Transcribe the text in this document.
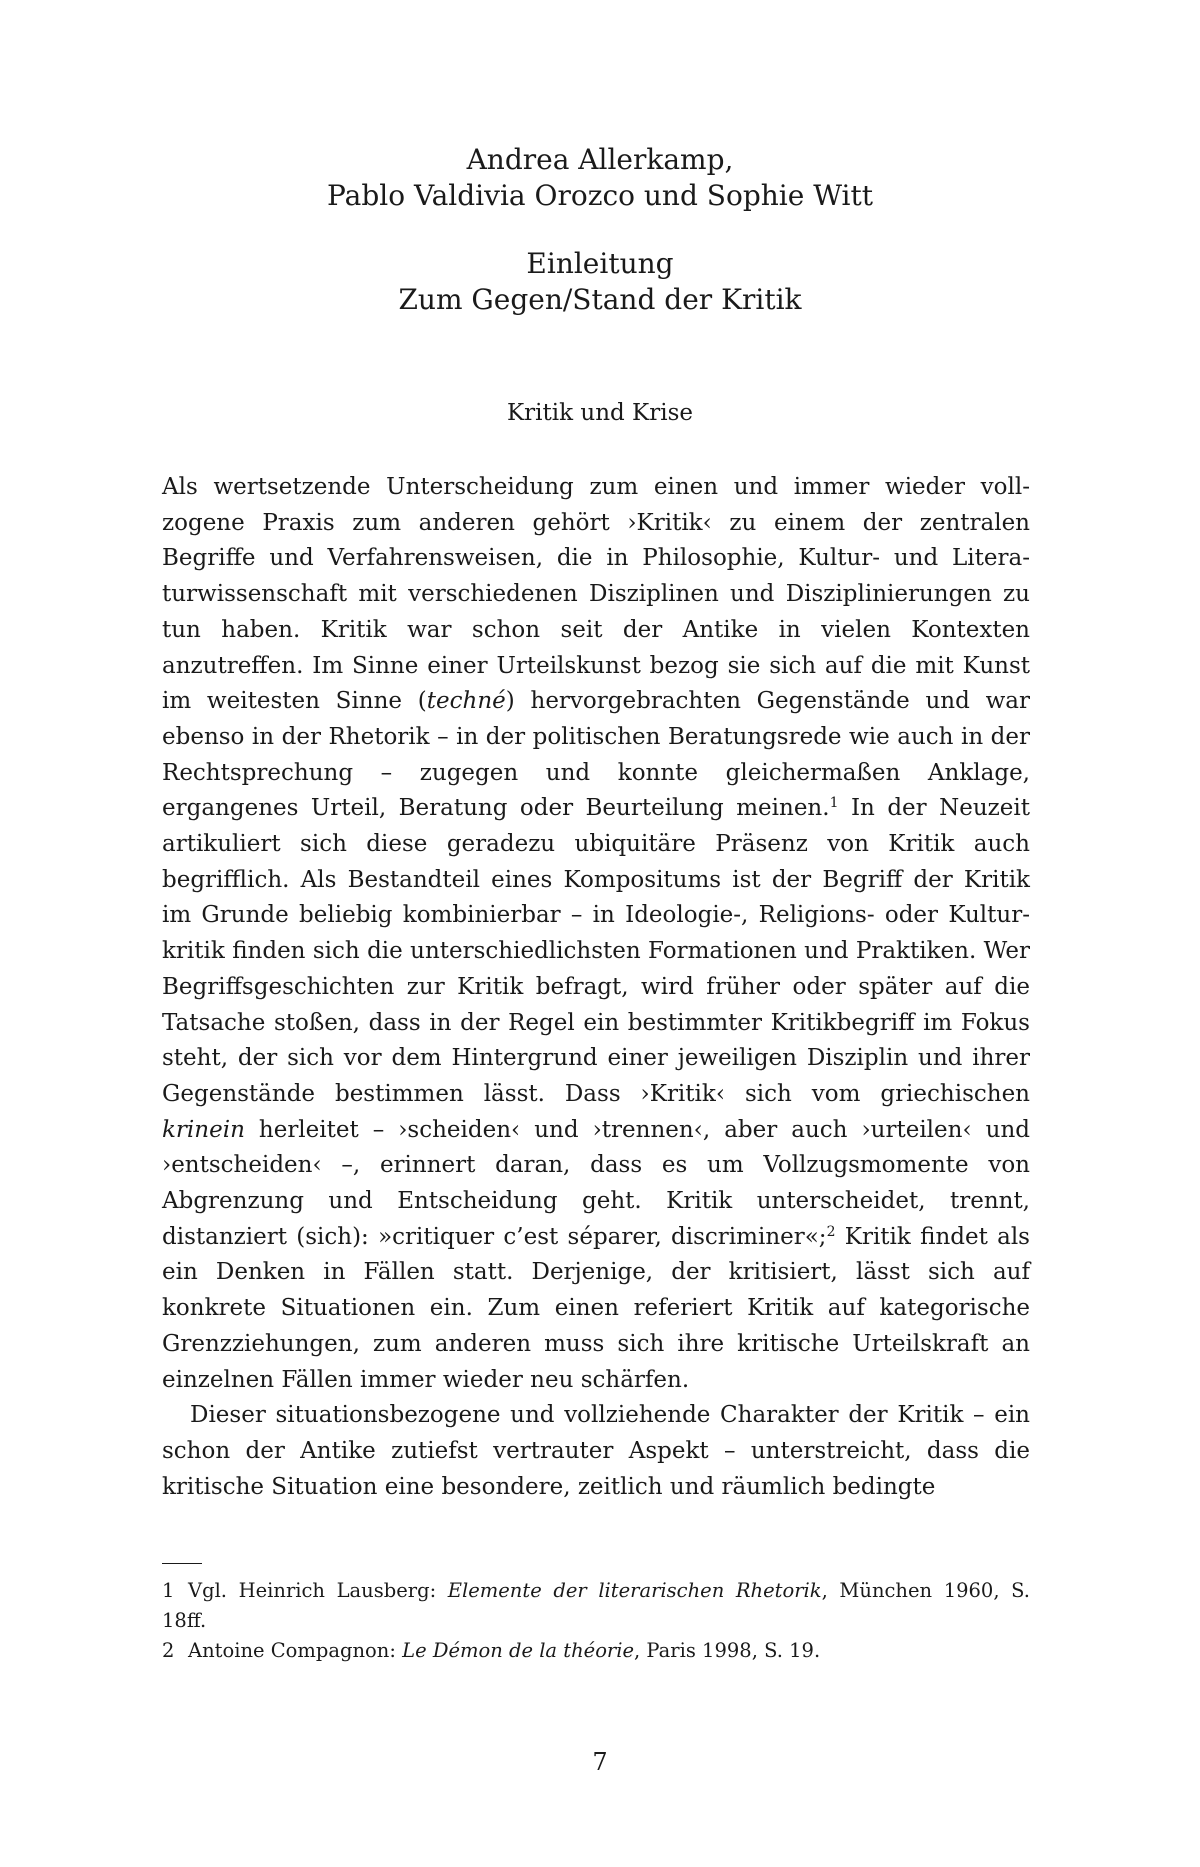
Andrea Allerkamp,
Pablo Valdivia Orozco und Sophie Witt
Einleitung
Zum Gegen/Stand der Kritik
Kritik und Krise

Als wertsetzende Unterscheidung zum einen und immer wieder vollzogene Praxis zum anderen gehört ›Kritik‹ zu einem der zentralen Begriffe und Verfahrensweisen, die in Philosophie, Kultur- und Literaturwissenschaft mit verschiedenen Disziplinen und Disziplinierungen zu tun haben. Kritik war schon seit der Antike in vielen Kontexten anzutreffen. Im Sinne einer Urteilskunst bezog sie sich auf die mit Kunst im weitesten Sinne (techné) hervorgebrachten Gegenstände und war ebenso in der Rhetorik – in der politischen Beratungsrede wie auch in der Rechtsprechung – zugegen und konnte gleichermaßen Anklage, ergangenes Urteil, Beratung oder Beurteilung meinen.$^1$ In der Neuzeit artikuliert sich diese geradezu ubiquitäre Präsenz von Kritik auch begrifflich. Als Bestandteil eines Kompositums ist der Begriff der Kritik im Grunde beliebig kombinierbar – in Ideologie-, Religions- oder Kulturkritik finden sich die unterschiedlichsten Formationen und Praktiken. Wer Begriffsgeschichten zur Kritik befragt, wird früher oder später auf die Tatsache stoßen, dass in der Regel ein bestimmter Kritikbegriff im Fokus steht, der sich vor dem Hintergrund einer jeweiligen Disziplin und ihrer Gegenstände bestimmen lässt. Dass ›Kritik‹ sich vom griechischen krinein herleitet – ›scheiden‹ und ›trennen‹, aber auch ›urteilen‹ und ›entscheiden‹ –, erinnert daran, dass es um Vollzugsmomente von Abgrenzung und Entscheidung geht. Kritik unterscheidet, trennt, distanziert (sich): »critiquer c’est séparer, discriminer«;$^2$ Kritik findet als ein Denken in Fällen statt. Derjenige, der kritisiert, lässt sich auf konkrete Situationen ein. Zum einen referiert Kritik auf kategorische Grenzziehungen, zum anderen muss sich ihre kritische Urteilskraft an einzelnen Fällen immer wieder neu schärfen.

Dieser situationsbezogene und vollziehende Charakter der Kritik – ein schon der Antike zutiefst vertrauter Aspekt – unterstreicht, dass die kritische Situation eine besondere, zeitlich und räumlich bedingte

1 Vgl. Heinrich Lausberg: Elemente der literarischen Rhetorik, München 1960, S. 18ff.
2 Antoine Compagnon: Le Démon de la théorie, Paris 1998, S. 19.
7
